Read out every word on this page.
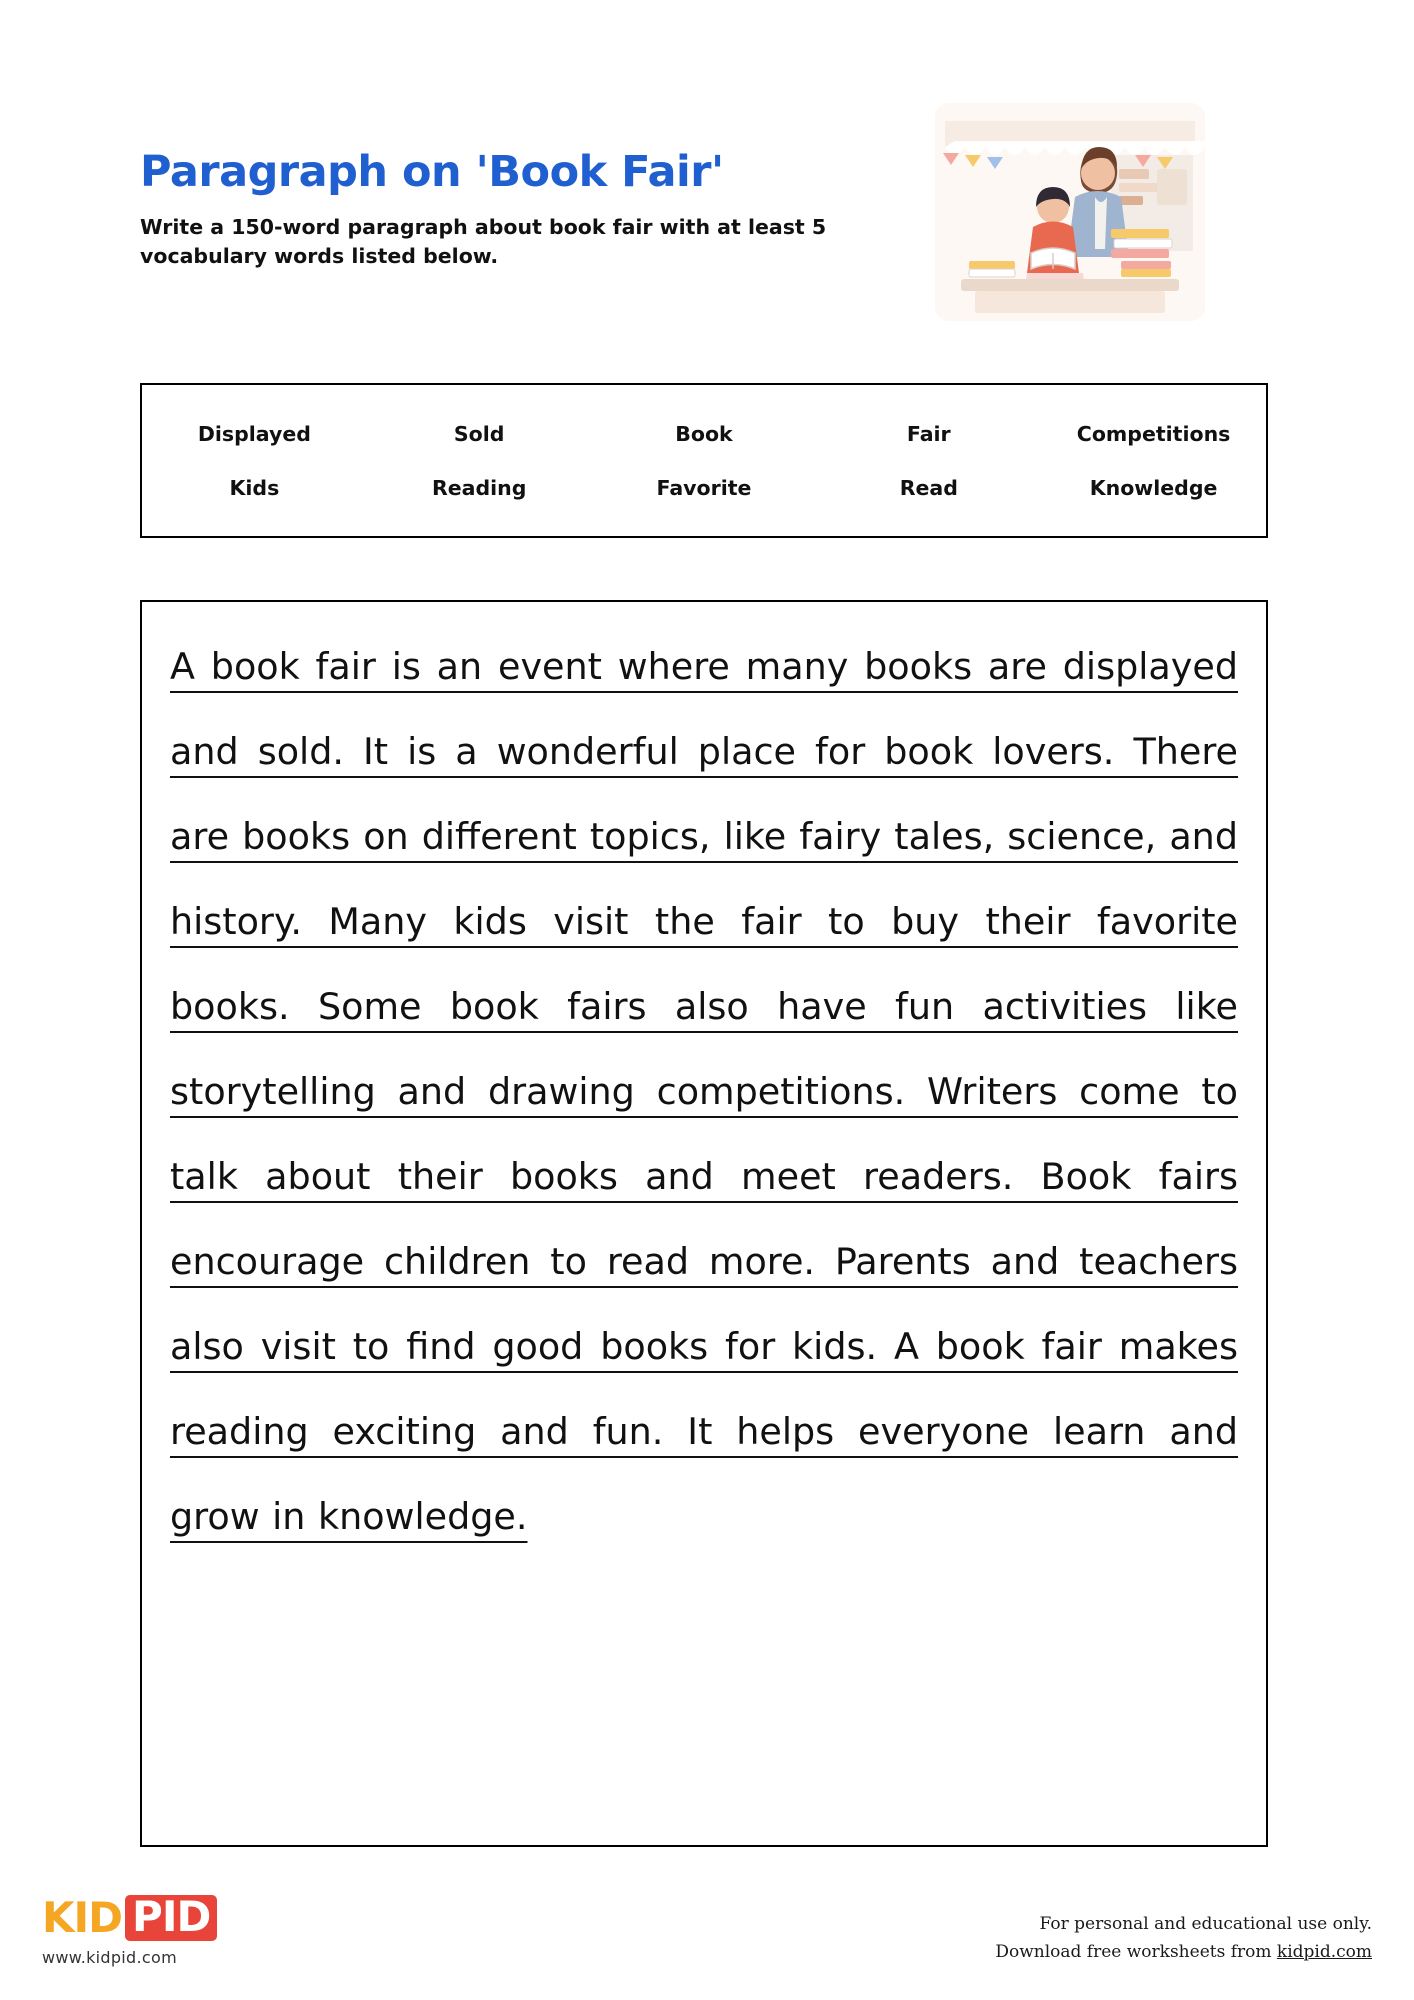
Paragraph on 'Book Fair'

Write a 150-word paragraph about book fair with at least 5 vocabulary words listed below.

Displayed	Sold	Book	Fair	Competitions
Kids	Reading	Favorite	Read	Knowledge

A book fair is an event where many books are displayed and sold. It is a wonderful place for book lovers. There are books on different topics, like fairy tales, science, and history. Many kids visit the fair to buy their favorite books. Some book fairs also have fun activities like storytelling and drawing competitions. Writers come to talk about their books and meet readers. Book fairs encourage children to read more. Parents and teachers also visit to find good books for kids. A book fair makes reading exciting and fun. It helps everyone learn and grow in knowledge.

KID PID
www.kidpid.com
For personal and educational use only.
Download free worksheets from kidpid.com
